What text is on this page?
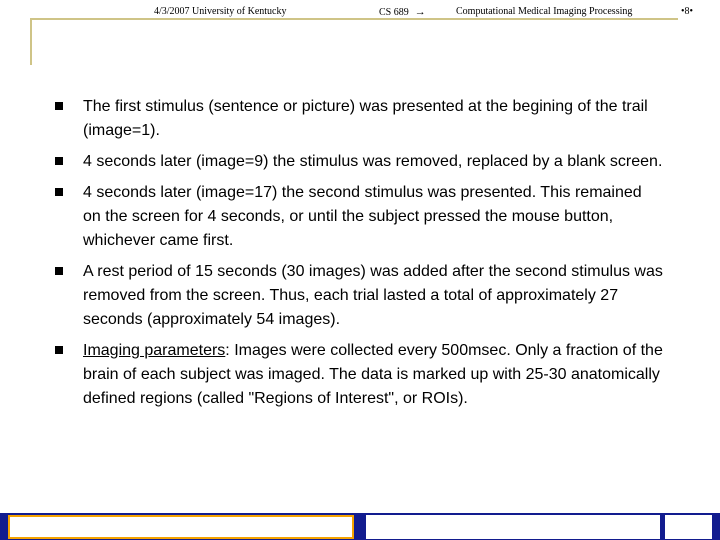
The first stimulus (sentence or picture) was presented at the begining of the trail (image=1).
4 seconds later (image=9) the stimulus was removed, replaced by a blank screen.
4 seconds later (image=17) the second stimulus was presented. This remained on the screen for 4 seconds, or until the subject pressed the mouse button, whichever came first.
A rest period of 15 seconds (30 images) was added after the second stimulus was removed from the screen. Thus, each trial lasted a total of approximately 27 seconds (approximately 54 images).
Imaging parameters: Images were collected every 500msec. Only a fraction of the brain of each subject was imaged. The data is marked up with 25-30 anatomically defined regions (called "Regions of Interest", or ROIs).
4/3/2007 University of Kentucky	CS 689 →	Computational Medical Imaging Processing	•8•
